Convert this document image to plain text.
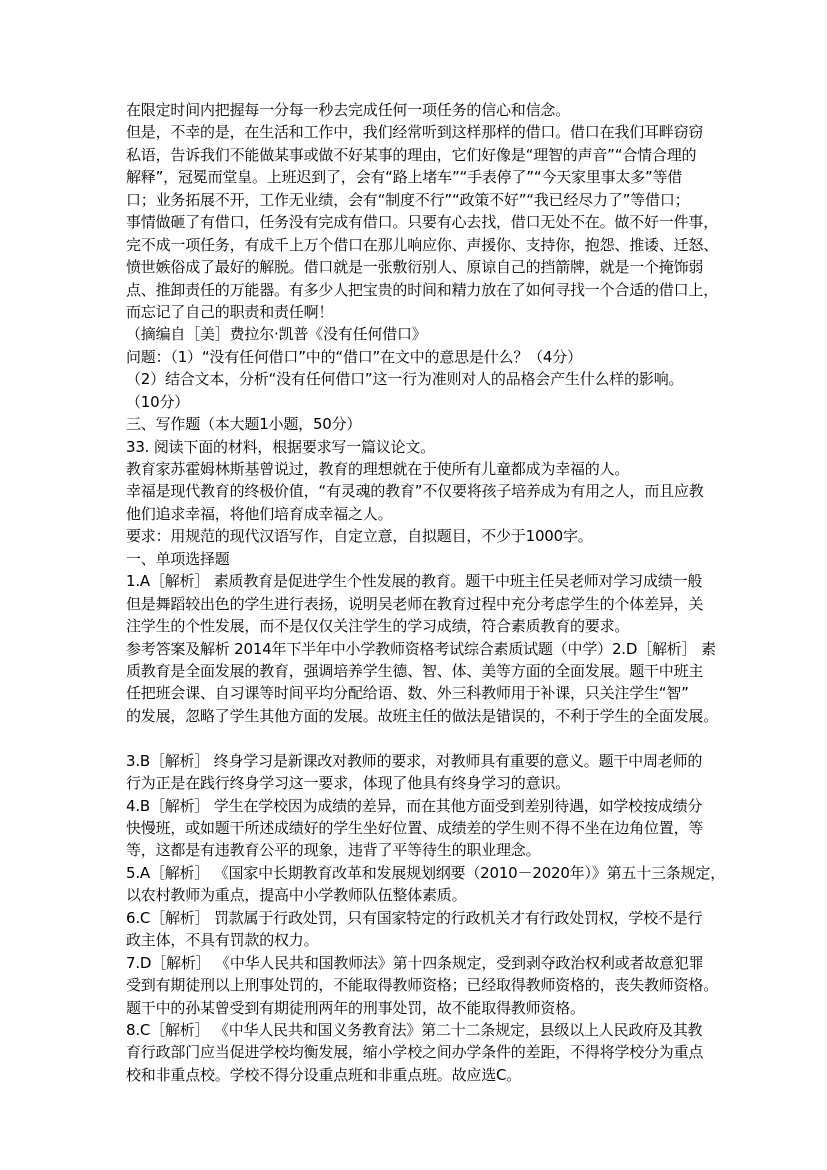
在限定时间内把握每一分每一秒去完成任何一项任务的信心和信念。
但是，不幸的是，在生活和工作中，我们经常听到这样那样的借口。借口在我们耳畔窃窃
私语，告诉我们不能做某事或做不好某事的理由，它们好像是“理智的声音”“合情合理的
解释”，冠冕而堂皇。上班迟到了，会有“路上堵车”“手表停了”“今天家里事太多”等借
口；业务拓展不开，工作无业绩，会有“制度不行”“政策不好”“我已经尽力了”等借口；
事情做砸了有借口，任务没有完成有借口。只要有心去找，借口无处不在。做不好一件事，
完不成一项任务，有成千上万个借口在那儿响应你、声援你、支持你，抱怨、推诿、迁怒、
愤世嫉俗成了最好的解脱。借口就是一张敷衍别人、原谅自己的挡箭牌，就是一个掩饰弱
点、推卸责任的万能器。有多少人把宝贵的时间和精力放在了如何寻找一个合适的借口上，
而忘记了自己的职责和责任啊！
（摘编自［美］费拉尔·凯普《没有任何借口》
问题：（1）“没有任何借口”中的“借口”在文中的意思是什么？（4分）
（2）结合文本，分析“没有任何借口”这一行为准则对人的品格会产生什么样的影响。
（10分）
三、写作题（本大题1小题，50分）
33. 阅读下面的材料，根据要求写一篇议论文。
教育家苏霍姆林斯基曾说过，教育的理想就在于使所有儿童都成为幸福的人。
幸福是现代教育的终极价值，“有灵魂的教育”不仅要将孩子培养成为有用之人，而且应教
他们追求幸福，将他们培育成幸福之人。
要求：用规范的现代汉语写作，自定立意，自拟题目，不少于1000字。
一、单项选择题
1.A［解析］ 素质教育是促进学生个性发展的教育。题干中班主任吴老师对学习成绩一般
但是舞蹈较出色的学生进行表扬，说明吴老师在教育过程中充分考虑学生的个体差异，关
注学生的个性发展，而不是仅仅关注学生的学习成绩，符合素质教育的要求。
参考答案及解析 2014年下半年中小学教师资格考试综合素质试题（中学）2.D［解析］ 素
质教育是全面发展的教育，强调培养学生德、智、体、美等方面的全面发展。题干中班主
任把班会课、自习课等时间平均分配给语、数、外三科教师用于补课，只关注学生“智”
的发展，忽略了学生其他方面的发展。故班主任的做法是错误的，不利于学生的全面发展。
3.B［解析］ 终身学习是新课改对教师的要求，对教师具有重要的意义。题干中周老师的
行为正是在践行终身学习这一要求，体现了他具有终身学习的意识。
4.B［解析］ 学生在学校因为成绩的差异，而在其他方面受到差别待遇，如学校按成绩分
快慢班，或如题干所述成绩好的学生坐好位置、成绩差的学生则不得不坐在边角位置，等
等，这都是有违教育公平的现象，违背了平等待生的职业理念。
5.A［解析］ 《国家中长期教育改革和发展规划纲要（2010－2020年）》第五十三条规定，
以农村教师为重点，提高中小学教师队伍整体素质。
6.C［解析］ 罚款属于行政处罚，只有国家特定的行政机关才有行政处罚权，学校不是行
政主体，不具有罚款的权力。
7.D［解析］ 《中华人民共和国教师法》第十四条规定，受到剥夺政治权利或者故意犯罪
受到有期徒刑以上刑事处罚的，不能取得教师资格；已经取得教师资格的，丧失教师资格。
题干中的孙某曾受到有期徒刑两年的刑事处罚，故不能取得教师资格。
8.C［解析］ 《中华人民共和国义务教育法》第二十二条规定，县级以上人民政府及其教
育行政部门应当促进学校均衡发展，缩小学校之间办学条件的差距，不得将学校分为重点
校和非重点校。学校不得分设重点班和非重点班。故应选C。
